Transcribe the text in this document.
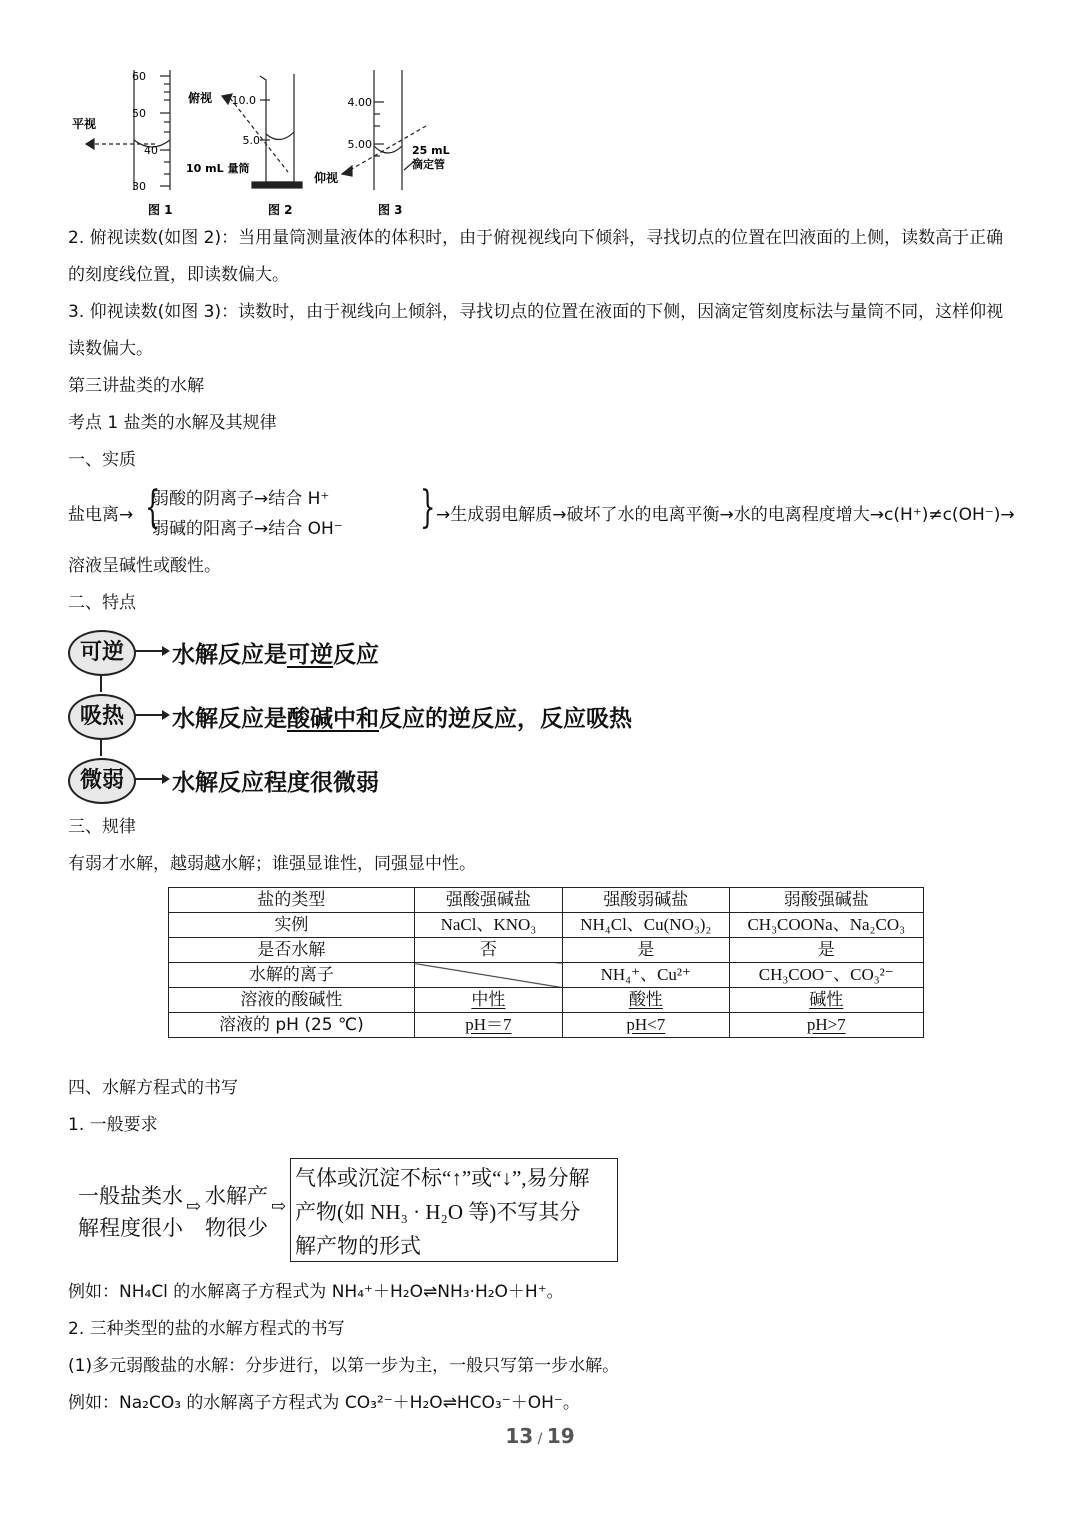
60
50
40
30
平视
图 1
10.0
5.0
俯视
10 mL 量筒
图 2
4.00
5.00
仰视
25 mL
滴定管
图 3
2. 俯视读数(如图 2)：当用量筒测量液体的体积时，由于俯视视线向下倾斜，寻找切点的位置在凹液面的上侧，读数高于正确的刻度线位置，即读数偏大。
3. 仰视读数(如图 3)：读数时，由于视线向上倾斜，寻找切点的位置在液面的下侧，因滴定管刻度标法与量筒不同，这样仰视读数偏大。
第三讲盐类的水解
考点 1 盐类的水解及其规律
一、实质
盐电离→ {
弱酸的阴离子→结合 H⁺
弱碱的阳离子→结合 OH⁻ } →生成弱电解质→破坏了水的电离平衡→水的电离程度增大→c(H⁺)≠c(OH⁻)→
溶液呈碱性或酸性。
二、特点
可逆	水解反应是可逆反应
吸热	水解反应是酸碱中和反应的逆反应，反应吸热
微弱	水解反应程度很微弱
三、规律
有弱才水解，越弱越水解；谁强显谁性，同强显中性。
盐的类型	强酸强碱盐	强酸弱碱盐	弱酸强碱盐
实例	NaCl、KNO₃	NH₄Cl、Cu(NO₃)₂	CH₃COONa、Na₂CO₃
是否水解	否	是	是
水解的离子		NH₄⁺、Cu²⁺	CH₃COO⁻、CO₃²⁻
溶液的酸碱性	中性	酸性	碱性
溶液的 pH (25 ℃)	pH＝7	pH<7	pH>7
四、水解方程式的书写
1. 一般要求
一般盐类水
解程度很小
⇨ 水解产
物很少
⇨
气体或沉淀不标“↑”或“↓”,易分解
产物(如 NH₃ · H₂O 等)不写其分
解产物的形式
例如：NH₄Cl 的水解离子方程式为 NH₄⁺＋H₂O⇌NH₃·H₂O＋H⁺。
2. 三种类型的盐的水解方程式的书写
(1)多元弱酸盐的水解：分步进行，以第一步为主，一般只写第一步水解。
例如：Na₂CO₃ 的水解离子方程式为 CO₃²⁻＋H₂O⇌HCO₃⁻＋OH⁻。
13 / 19
